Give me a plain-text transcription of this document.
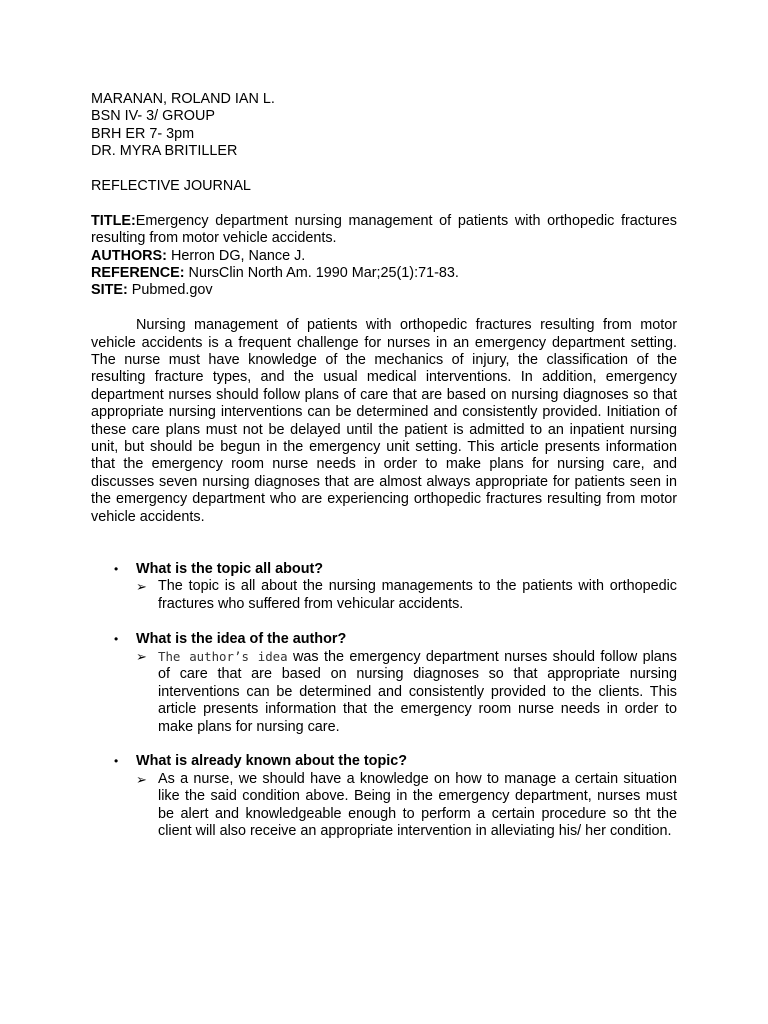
MARANAN, ROLAND IAN L.
BSN IV- 3/ GROUP
BRH ER 7- 3pm
DR. MYRA BRITILLER
REFLECTIVE JOURNAL
TITLE:Emergency department nursing management of patients with orthopedic fractures resulting from motor vehicle accidents.
AUTHORS: Herron DG, Nance J.
REFERENCE: NursClin North Am. 1990 Mar;25(1):71-83.
SITE: Pubmed.gov

Nursing management of patients with orthopedic fractures resulting from motor vehicle accidents is a frequent challenge for nurses in an emergency department setting. The nurse must have knowledge of the mechanics of injury, the classification of the resulting fracture types, and the usual medical interventions. In addition, emergency department nurses should follow plans of care that are based on nursing diagnoses so that appropriate nursing interventions can be determined and consistently provided. Initiation of these care plans must not be delayed until the patient is admitted to an inpatient nursing unit, but should be begun in the emergency unit setting. This article presents information that the emergency room nurse needs in order to make plans for nursing care, and discusses seven nursing diagnoses that are almost always appropriate for patients seen in the emergency department who are experiencing orthopedic fractures resulting from motor vehicle accidents.

• What is the topic all about?
➢ The topic is all about the nursing managements to the patients with orthopedic fractures who suffered from vehicular accidents.
• What is the idea of the author?
➢ The author’s idea was the emergency department nurses should follow plans of care that are based on nursing diagnoses so that appropriate nursing interventions can be determined and consistently provided to the clients. This article presents information that the emergency room nurse needs in order to make plans for nursing care.
• What is already known about the topic?
➢ As a nurse, we should have a knowledge on how to manage a certain situation like the said condition above. Being in the emergency department, nurses must be alert and knowledgeable enough to perform a certain procedure so tht the client will also receive an appropriate intervention in alleviating his/ her condition.
